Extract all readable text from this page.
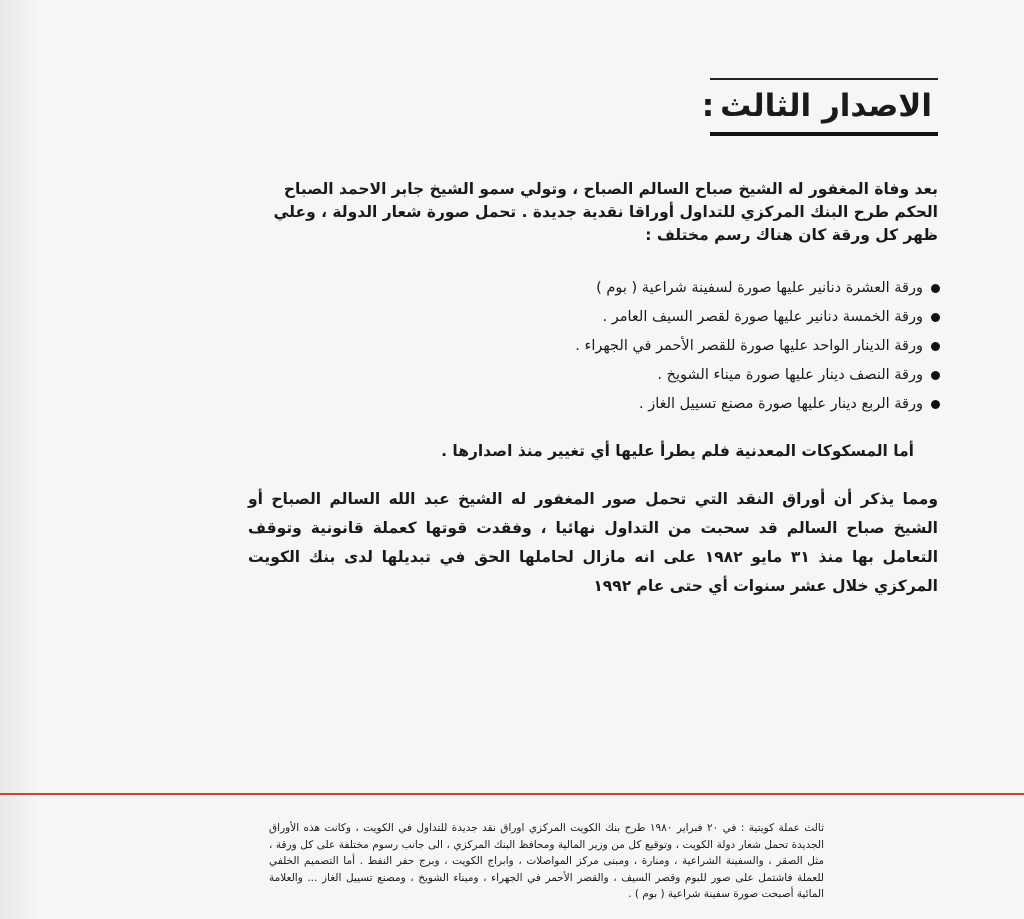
الاصدار الثالث:

بعد وفاة المغفور له الشيخ صباح السالم الصباح ، وتولي سمو الشيخ جابر الاحمد الصباح الحكم طرح البنك المركزي للتداول أوراقا نقدية جديدة . تحمل صورة شعار الدولة ، وعلي ظهر كل ورقة كان هناك رسم مختلف :

ورقة العشرة دنانير عليها صورة لسفينة شراعية ( بوم )
ورقة الخمسة دنانير عليها صورة لقصر السيف العامر .
ورقة الدينار الواحد عليها صورة للقصر الأحمر في الجهراء .
ورقة النصف دينار عليها صورة ميناء الشويخ .
ورقة الربع دينار عليها صورة مصنع تسييل الغاز .

أما المسكوكات المعدنية فلم يطرأ عليها أي تغيير منذ اصدارها .

ومما يذكر أن أوراق النقد التي تحمل صور المغفور له الشيخ عبد الله السالم الصباح أو الشيخ صباح السالم قد سحبت من التداول نهائيا ، وفقدت قوتها كعملة قانونية وتوقف التعامل بها منذ ٣١ مايو ١٩٨٢ على انه مازال لحاملها الحق في تبديلها لدى بنك الكويت المركزي خلال عشر سنوات أي حتى عام ١٩٩٢

ثالث عملة كويتية : في ٢٠ فبراير ١٩٨٠ طرح بنك الكويت المركزي اوراق نقد جديدة للتداول في الكويت ، وكانت هذه الأوراق الجديدة تحمل شعار دولة الكويت ، وتوقيع كل من وزير المالية ومحافظ البنك المركزي ، الى جانب رسوم مختلفة على كل ورقة ، مثل الصقر ، والسفينة الشراعية ، ومنارة ، ومبنى مركز المواصلات ، وابراج الكويت ، وبرج حفر النفط . أما التصميم الخلفي للعملة فاشتمل على صور للبوم وقصر السيف ، والقصر الأحمر في الجهراء ، وميناء الشويخ ، ومصنع تسييل الغاز ... والعلامة المائية أصبحت صورة سفينة شراعية ( بوم ) .
